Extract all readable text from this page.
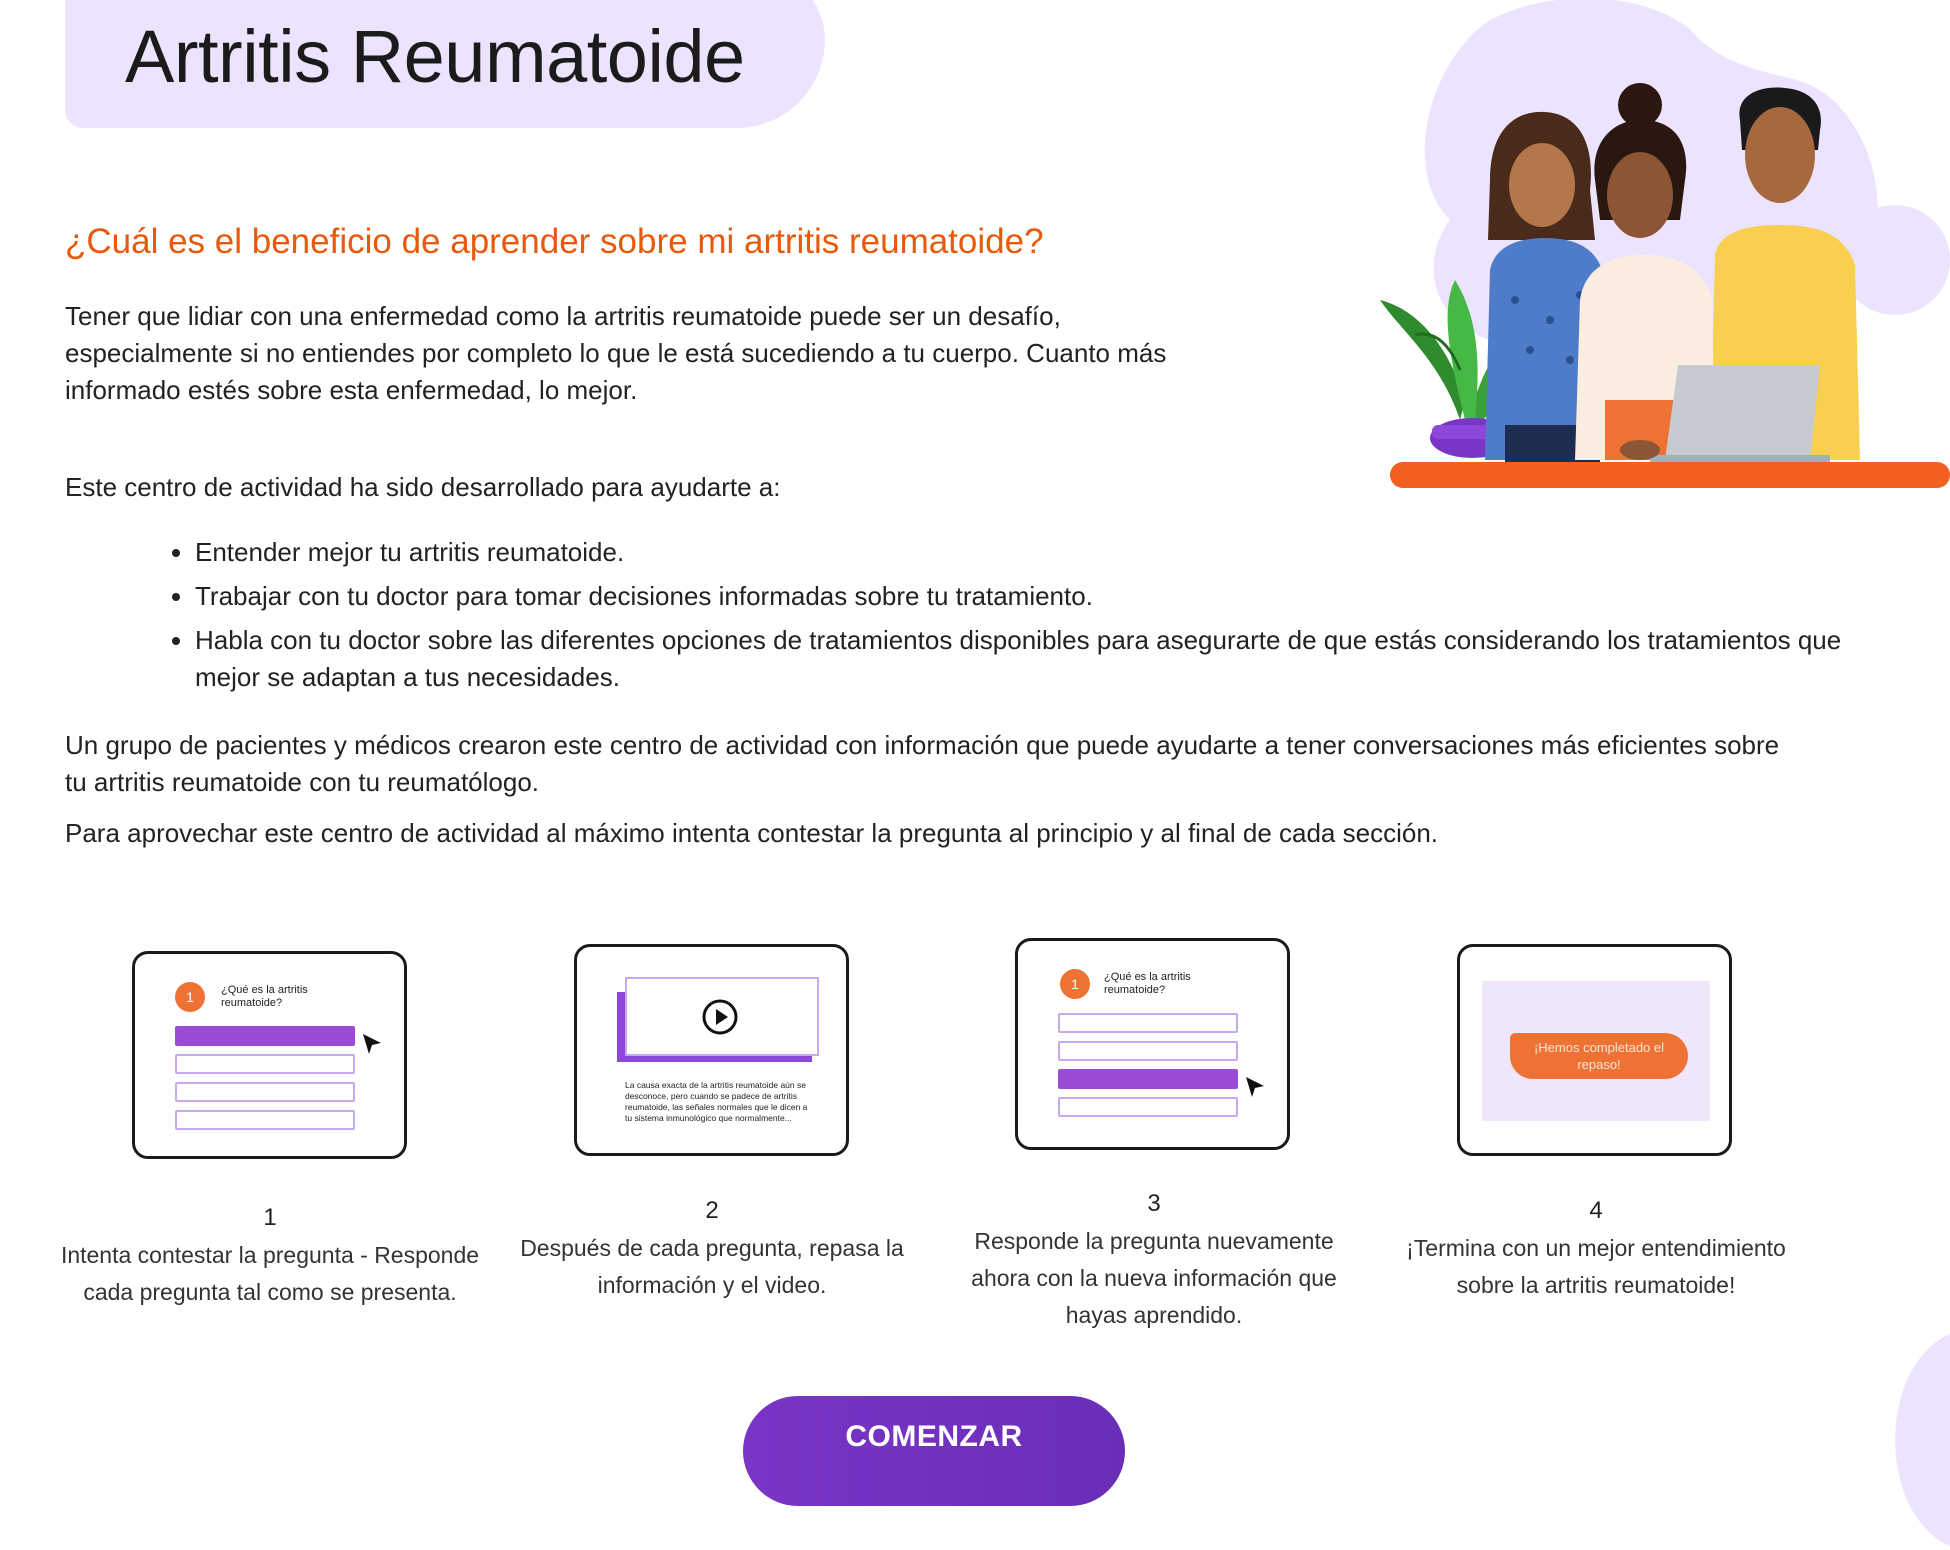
Artritis Reumatoide
¿Cuál es el beneficio de aprender sobre mi artritis reumatoide?

Tener que lidiar con una enfermedad como la artritis reumatoide puede ser un desafío, especialmente si no entiendes por completo lo que le está sucediendo a tu cuerpo. Cuanto más informado estés sobre esta enfermedad, lo mejor.

Este centro de actividad ha sido desarrollado para ayudarte a:

• Entender mejor tu artritis reumatoide.
• Trabajar con tu doctor para tomar decisiones informadas sobre tu tratamiento.
• Habla con tu doctor sobre las diferentes opciones de tratamientos disponibles para asegurarte de que estás considerando los tratamientos que mejor se adaptan a tus necesidades.

Un grupo de pacientes y médicos crearon este centro de actividad con información que puede ayudarte a tener conversaciones más eficientes sobre tu artritis reumatoide con tu reumatólogo.

Para aprovechar este centro de actividad al máximo intenta contestar la pregunta al principio y al final de cada sección.

1	¿Qué es la artritis reumatoide?
La causa exacta de la artritis reumatoide aún se desconoce, pero cuando se padece de artritis reumatoide, las señales normales que le dicen a tu sistema inmunológico que normalmente...
1	¿Qué es la artritis reumatoide?
¡Hemos completado el repaso!
1
Intenta contestar la pregunta - Responde cada pregunta tal como se presenta.
2
Después de cada pregunta, repasa la información y el video.
3
Responde la pregunta nuevamente ahora con la nueva información que hayas aprendido.
4
¡Termina con un mejor entendimiento sobre la artritis reumatoide!
COMENZAR
